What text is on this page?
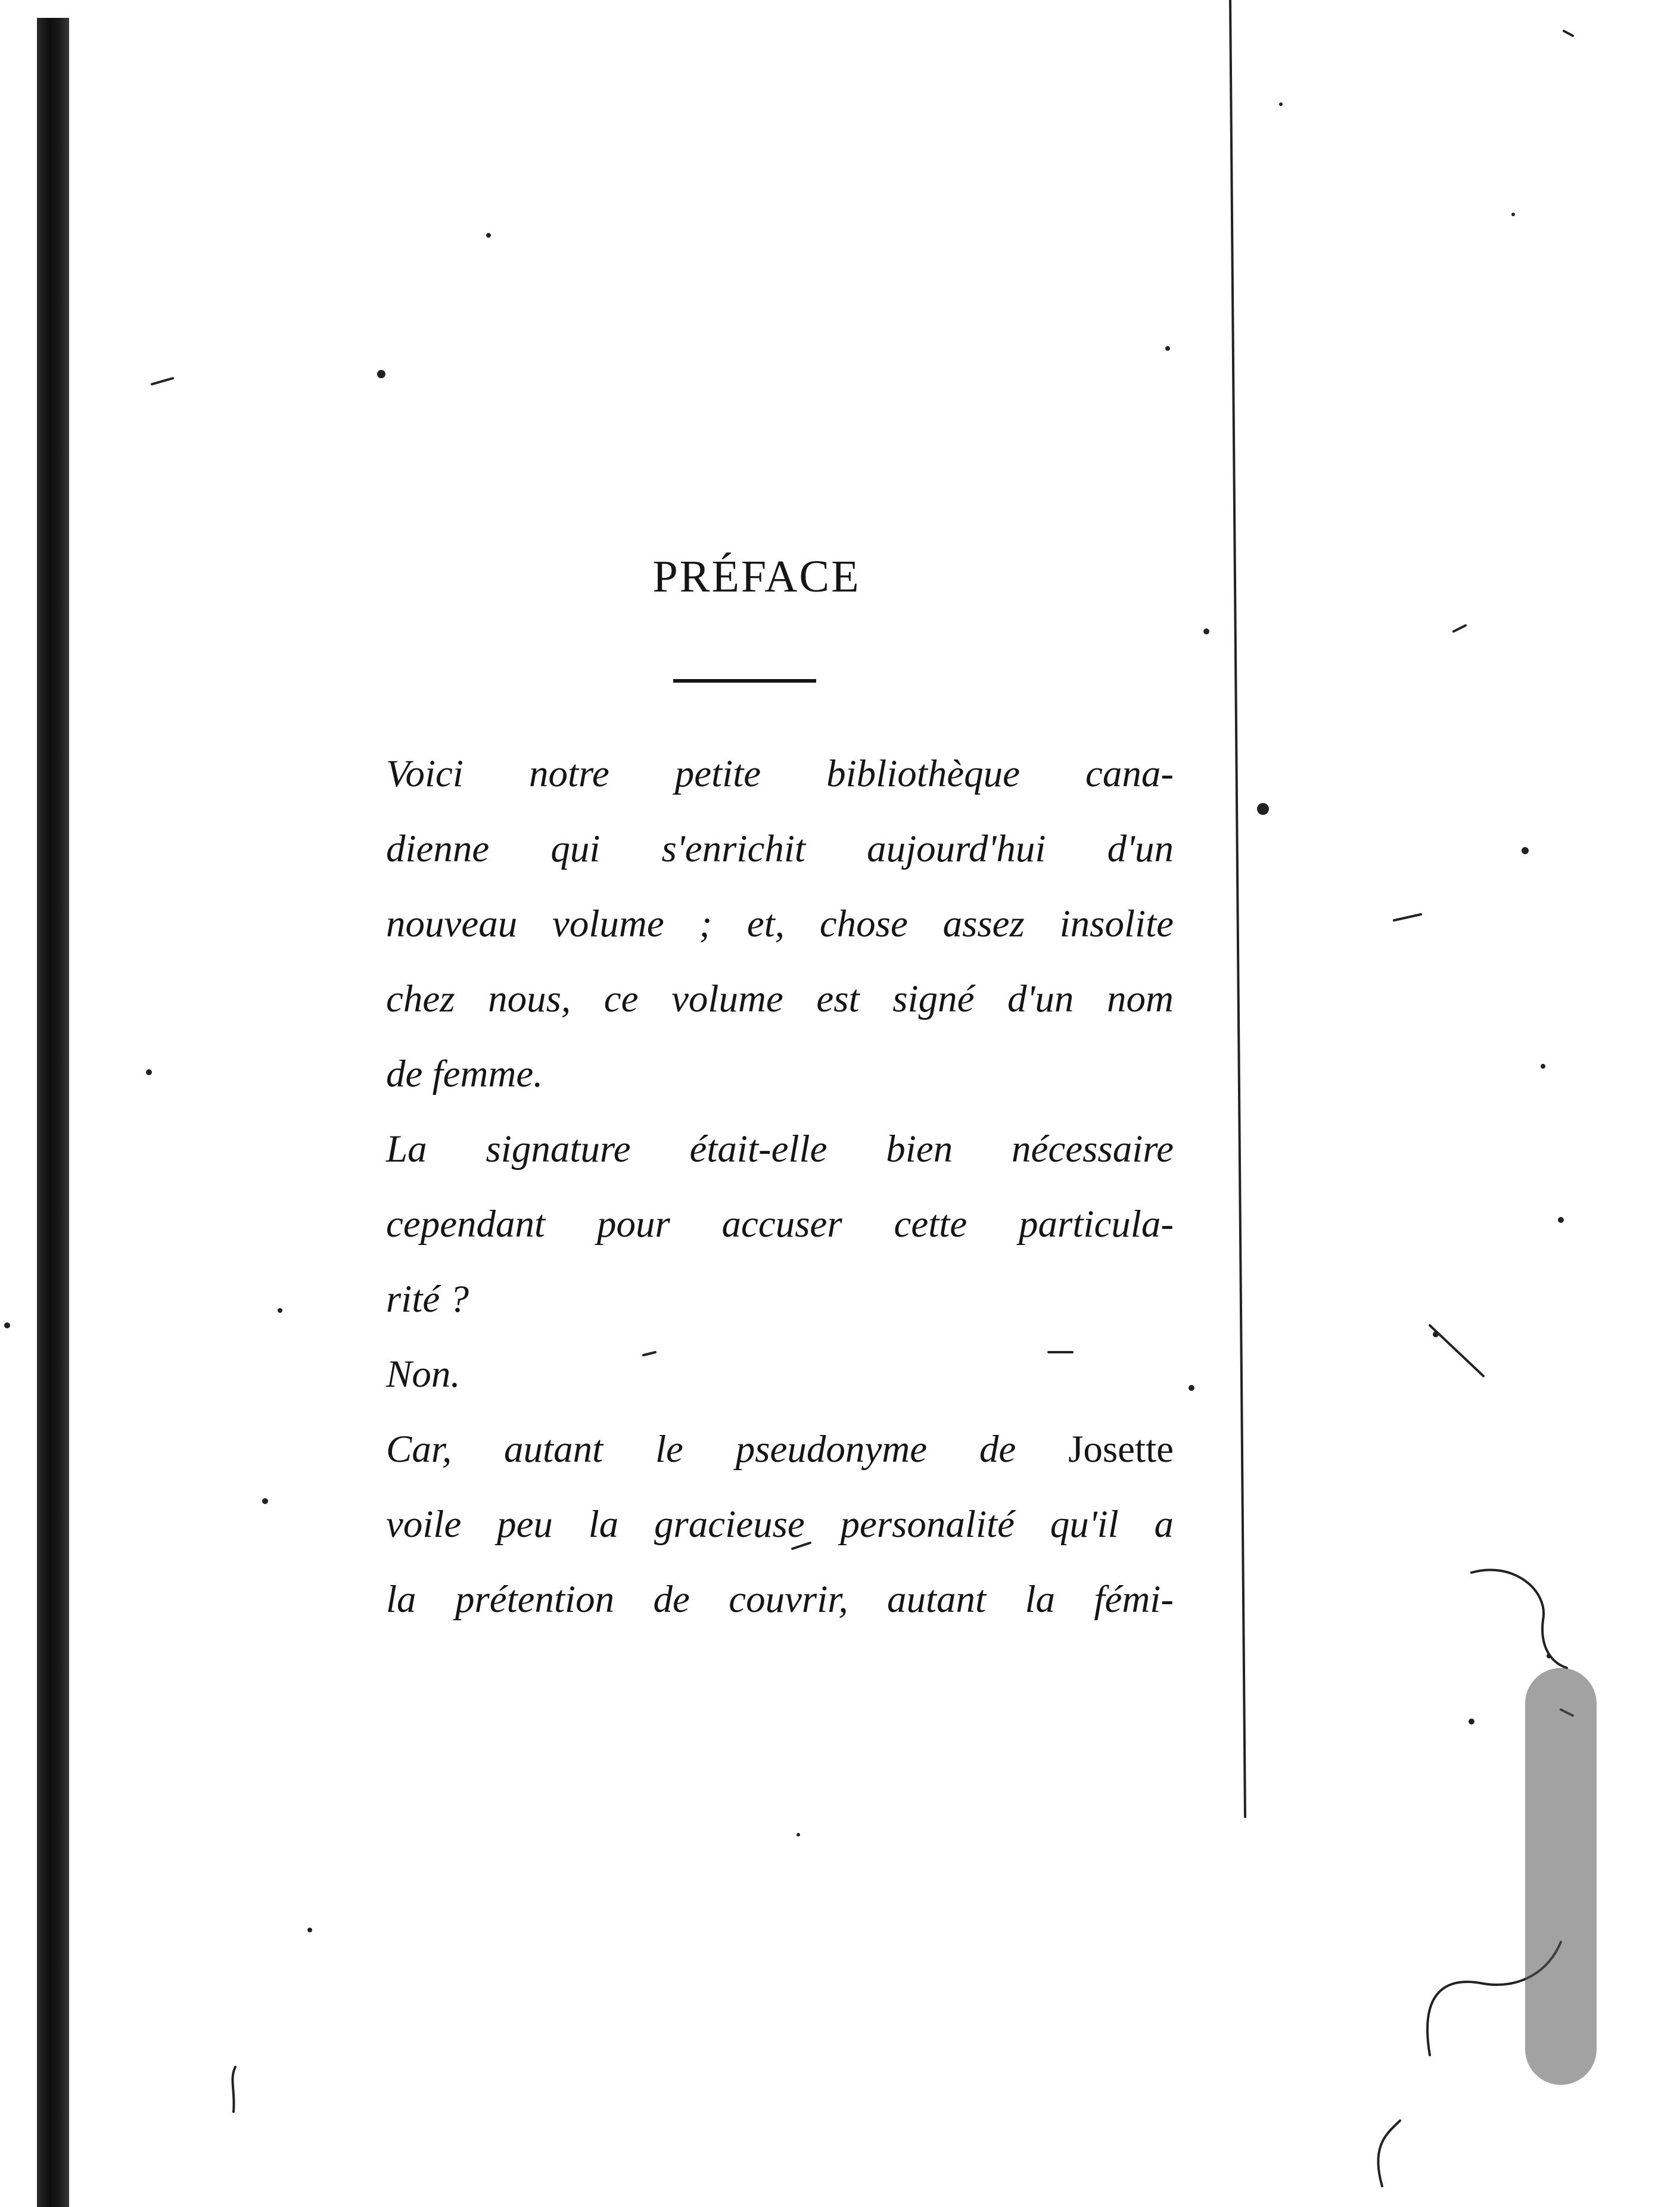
PRÉFACE

Voici notre petite bibliothèque cana-
dienne qui s'enrichit aujourd'hui d'un
nouveau volume ; et, chose assez insolite
chez nous, ce volume est signé d'un nom
de femme.

La signature était-elle bien nécessaire
cependant pour accuser cette particula-
rité ?

Non.

Car, autant le pseudonyme de Josette
voile peu la gracieuse personalité qu'il a
la prétention de couvrir, autant la fémi-
